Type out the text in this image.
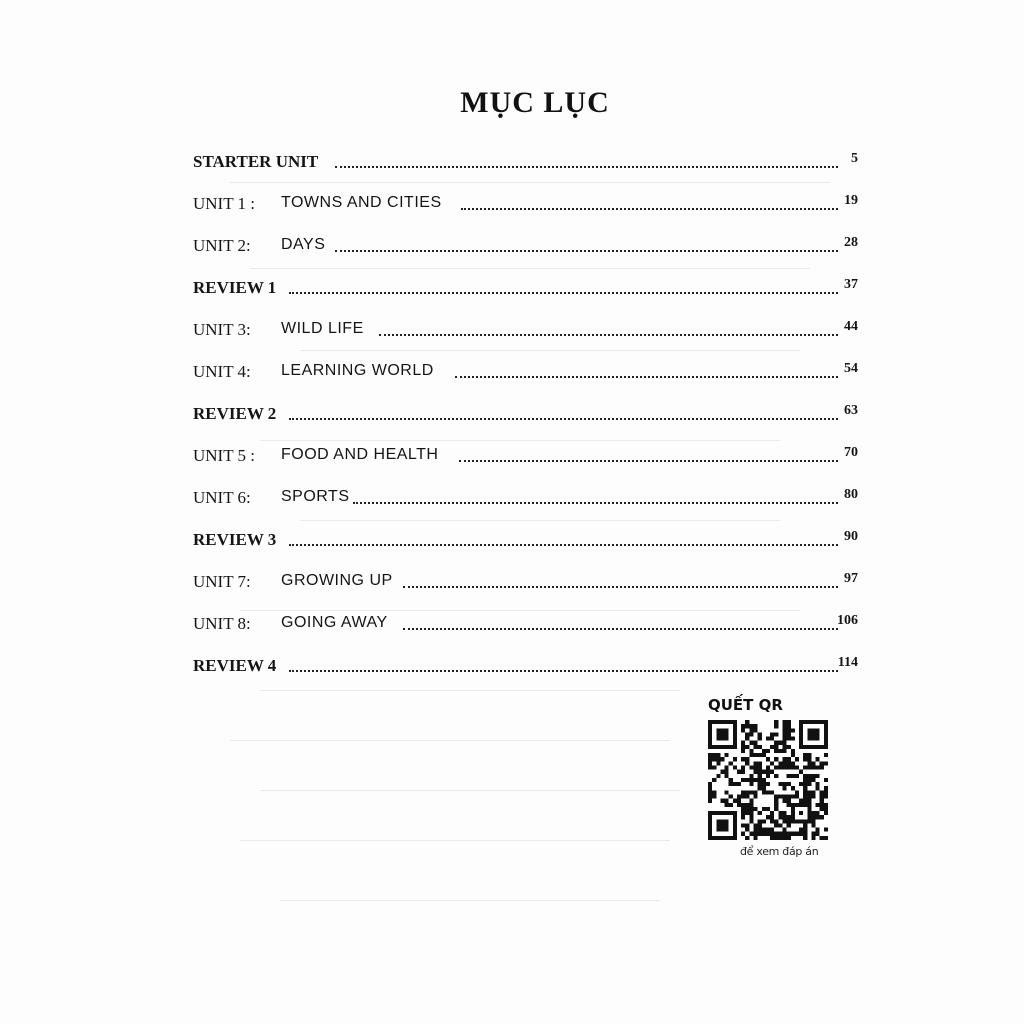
MỤC LỤC
STARTER UNIT	5
UNIT 1 : TOWNS AND CITIES	19
UNIT 2: DAYS	28
REVIEW 1	37
UNIT 3: WILD LIFE	44
UNIT 4: LEARNING WORLD	54
REVIEW 2	63
UNIT 5 : FOOD AND HEALTH	70
UNIT 6: SPORTS	80
REVIEW 3	90
UNIT 7: GROWING UP	97
UNIT 8: GOING AWAY	106
REVIEW 4	114
QUẾT QR
để xem đáp án
